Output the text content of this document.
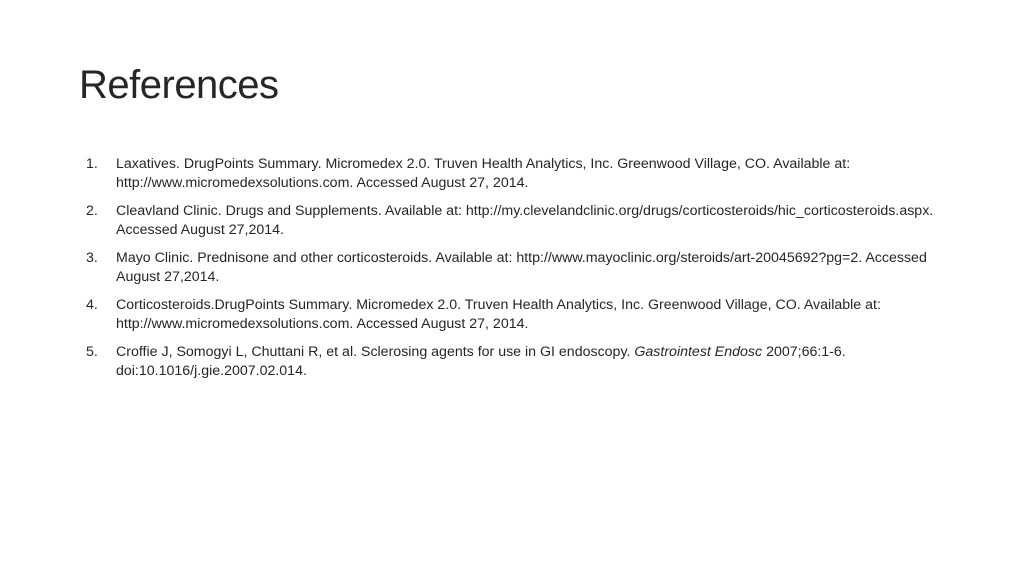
References
1. Laxatives. DrugPoints Summary. Micromedex 2.0. Truven Health Analytics, Inc. Greenwood Village, CO. Available at: http://www.micromedexsolutions.com. Accessed August 27, 2014.
2. Cleavland Clinic. Drugs and Supplements. Available at: http://my.clevelandclinic.org/drugs/corticosteroids/hic_corticosteroids.aspx. Accessed August 27,2014.
3. Mayo Clinic. Prednisone and other corticosteroids. Available at: http://www.mayoclinic.org/steroids/art-20045692?pg=2. Accessed August 27,2014.
4. Corticosteroids.DrugPoints Summary. Micromedex 2.0. Truven Health Analytics, Inc. Greenwood Village, CO. Available at: http://www.micromedexsolutions.com. Accessed August 27, 2014.
5. Croffie J, Somogyi L, Chuttani R, et al. Sclerosing agents for use in GI endoscopy. Gastrointest Endosc 2007;66:1-6. doi:10.1016/j.gie.2007.02.014.
